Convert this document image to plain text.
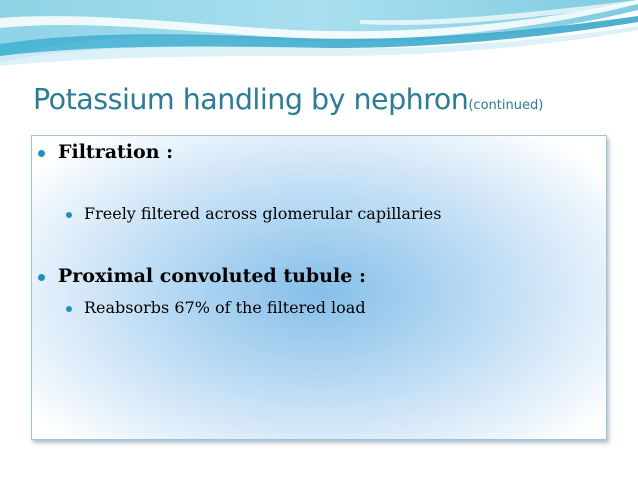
Potassium handling by nephron(continued)
Filtration :
Freely filtered across glomerular capillaries
Proximal convoluted tubule :
Reabsorbs 67% of the filtered load
